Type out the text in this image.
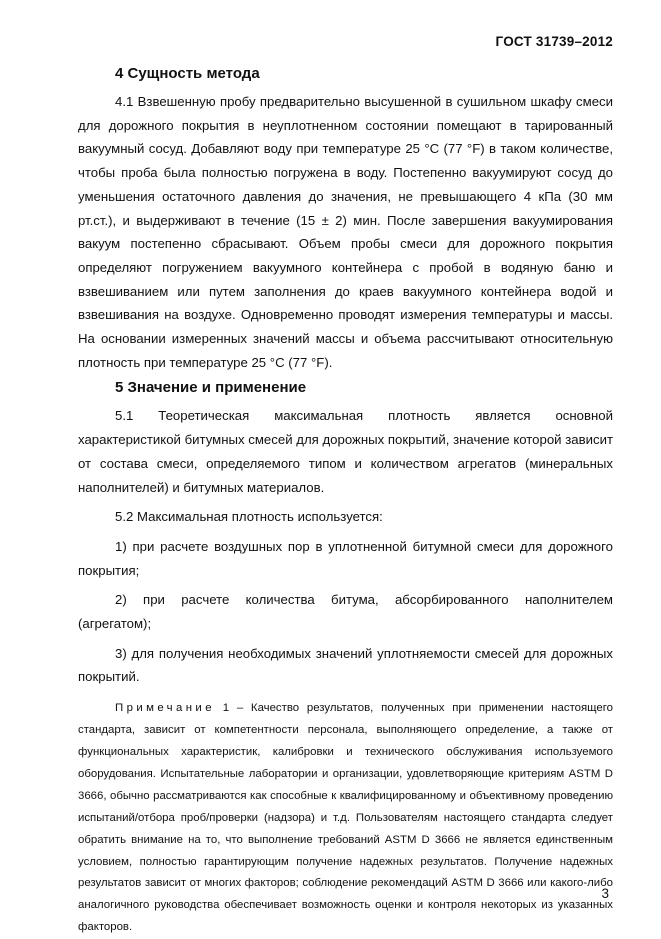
ГОСТ 31739–2012
4 Сущность метода

4.1 Взвешенную пробу предварительно высушенной в сушильном шкафу смеси для дорожного покрытия в неуплотненном состоянии помещают в тарированный вакуумный сосуд. Добавляют воду при температуре 25 °С (77 °F) в таком количестве, чтобы проба была полностью погружена в воду. Постепенно вакуумируют сосуд до уменьшения остаточного давления до значения, не превышающего 4 кПа (30 мм рт.ст.), и выдерживают в течение (15 ± 2) мин. После завершения вакуумирования вакуум постепенно сбрасывают. Объем пробы смеси для дорожного покрытия определяют погружением вакуумного контейнера с пробой в водяную баню и взвешиванием или путем заполнения до краев вакуумного контейнера водой и взвешивания на воздухе. Одновременно проводят измерения температуры и массы. На основании измеренных значений массы и объема рассчитывают относительную плотность при температуре 25 °С (77 °F).

5 Значение и применение

5.1 Теоретическая максимальная плотность является основной характеристикой битумных смесей для дорожных покрытий, значение которой зависит от состава смеси, определяемого типом и количеством агрегатов (минеральных наполнителей) и битумных материалов.

5.2 Максимальная плотность используется:

1) при расчете воздушных пор в уплотненной битумной смеси для дорожного покрытия;

2) при расчете количества битума, абсорбированного наполнителем (агрегатом);

3) для получения необходимых значений уплотняемости смесей для дорожных покрытий.

Примечание 1 – Качество результатов, полученных при применении настоящего стандарта, зависит от компетентности персонала, выполняющего определение, а также от функциональных характеристик, калибровки и технического обслуживания используемого оборудования. Испытательные лаборатории и организации, удовлетворяющие критериям ASTM D 3666, обычно рассматриваются как способные к квалифицированному и объективному проведению испытаний/отбора проб/проверки (надзора) и т.д. Пользователям настоящего стандарта следует обратить внимание на то, что выполнение требований ASTM D 3666 не является единственным условием, полностью гарантирующим получение надежных результатов. Получение надежных результатов зависит от многих факторов; соблюдение рекомендаций ASTM D 3666 или какого-либо аналогичного руководства обеспечивает возможность оценки и контроля некоторых из указанных факторов.
3
